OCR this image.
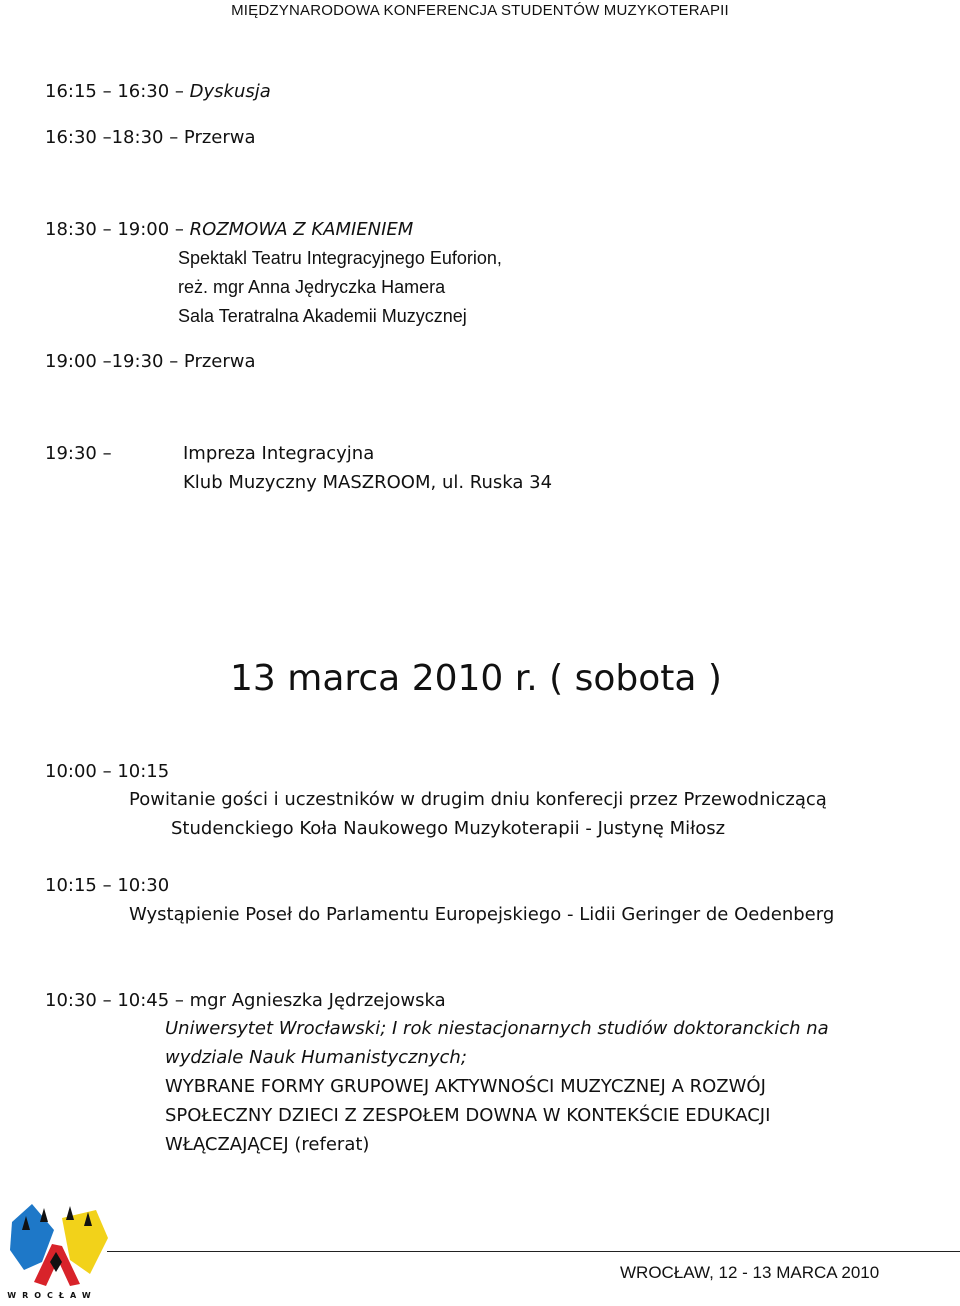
MIĘDZYNARODOWA KONFERENCJA STUDENTÓW MUZYKOTERAPII
16:15 – 16:30 – Dyskusja
16:30 –18:30 – Przerwa
18:30 – 19:00 – ROZMOWA Z KAMIENIEM
Spektakl Teatru Integracyjnego Euforion,
reż. mgr Anna Jędryczka Hamera
Sala Teratralna Akademii Muzycznej
19:00 –19:30 – Przerwa
19:30 –	Impreza Integracyjna
Klub Muzyczny MASZROOM, ul. Ruska 34
13 marca 2010 r. ( sobota )
10:00 – 10:15
Powitanie gości i uczestników w drugim dniu konferecji przez Przewodniczącą
Studenckiego Koła Naukowego Muzykoterapii - Justynę Miłosz
10:15 – 10:30
Wystąpienie Poseł do Parlamentu Europejskiego - Lidii Geringer de Oedenberg
10:30 – 10:45 – mgr Agnieszka Jędrzejowska
Uniwersytet Wrocławski; I rok niestacjonarnych studiów doktoranckich na
wydziale Nauk Humanistycznych;
WYBRANE FORMY GRUPOWEJ AKTYWNOŚCI MUZYCZNEJ A ROZWÓJ
SPOŁECZNY DZIECI Z ZESPOŁEM DOWNA W KONTEKŚCIE EDUKACJI
WŁĄCZAJĄCEJ (referat)
WROCŁAW
WROCŁAW, 12 - 13 MARCA 2010
